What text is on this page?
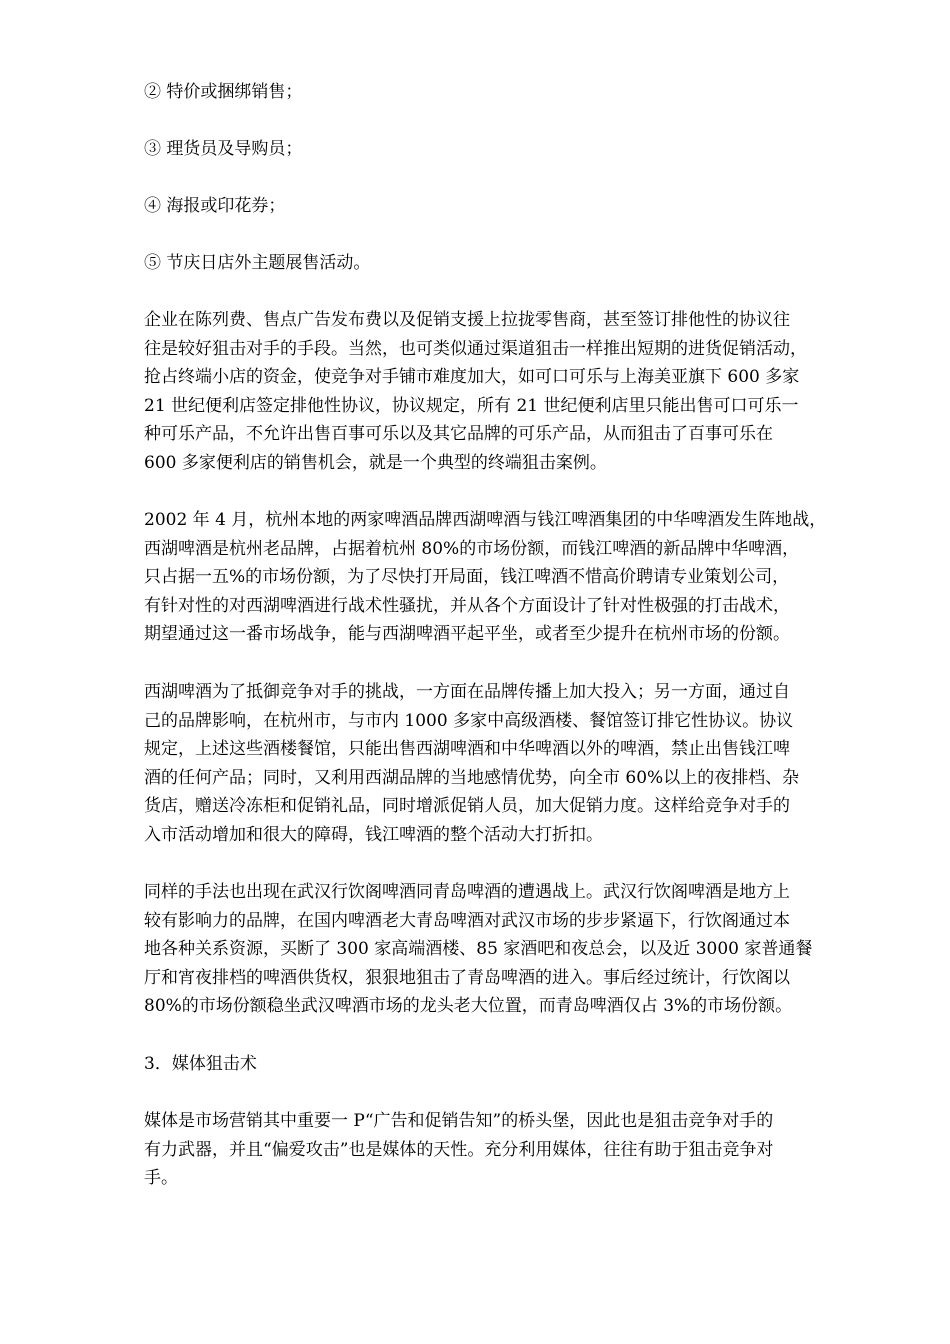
② 特价或捆绑销售；

③ 理货员及导购员；

④ 海报或印花券；

⑤ 节庆日店外主题展售活动。

企业在陈列费、售点广告发布费以及促销支援上拉拢零售商，甚至签订排他性的协议往
往是较好狙击对手的手段。当然，也可类似通过渠道狙击一样推出短期的进货促销活动，
抢占终端小店的资金，使竞争对手铺市难度加大，如可口可乐与上海美亚旗下 600 多家
21 世纪便利店签定排他性协议，协议规定，所有 21 世纪便利店里只能出售可口可乐一
种可乐产品，不允许出售百事可乐以及其它品牌的可乐产品，从而狙击了百事可乐在
600 多家便利店的销售机会，就是一个典型的终端狙击案例。
2002 年 4 月，杭州本地的两家啤酒品牌西湖啤酒与钱江啤酒集团的中华啤酒发生阵地战，
西湖啤酒是杭州老品牌，占据着杭州 80%的市场份额，而钱江啤酒的新品牌中华啤酒，
只占据一五%的市场份额，为了尽快打开局面，钱江啤酒不惜高价聘请专业策划公司，
有针对性的对西湖啤酒进行战术性骚扰，并从各个方面设计了针对性极强的打击战术，
期望通过这一番市场战争，能与西湖啤酒平起平坐，或者至少提升在杭州市场的份额。
西湖啤酒为了抵御竞争对手的挑战，一方面在品牌传播上加大投入；另一方面，通过自
己的品牌影响，在杭州市，与市内 1000 多家中高级酒楼、餐馆签订排它性协议。协议
规定，上述这些酒楼餐馆，只能出售西湖啤酒和中华啤酒以外的啤酒，禁止出售钱江啤
酒的任何产品；同时，又利用西湖品牌的当地感情优势，向全市 60%以上的夜排档、杂
货店，赠送冷冻柜和促销礼品，同时增派促销人员，加大促销力度。这样给竞争对手的
入市活动增加和很大的障碍，钱江啤酒的整个活动大打折扣。
同样的手法也出现在武汉行饮阁啤酒同青岛啤酒的遭遇战上。武汉行饮阁啤酒是地方上
较有影响力的品牌，在国内啤酒老大青岛啤酒对武汉市场的步步紧逼下，行饮阁通过本
地各种关系资源，买断了 300 家高端酒楼、85 家酒吧和夜总会，以及近 3000 家普通餐
厅和宵夜排档的啤酒供货权，狠狠地狙击了青岛啤酒的进入。事后经过统计，行饮阁以
80%的市场份额稳坐武汉啤酒市场的龙头老大位置，而青岛啤酒仅占 3%的市场份额。

3．媒体狙击术

媒体是市场营销其中重要一 P“广告和促销告知”的桥头堡，因此也是狙击竞争对手的
有力武器，并且“偏爱攻击”也是媒体的天性。充分利用媒体，往往有助于狙击竞争对
手。
